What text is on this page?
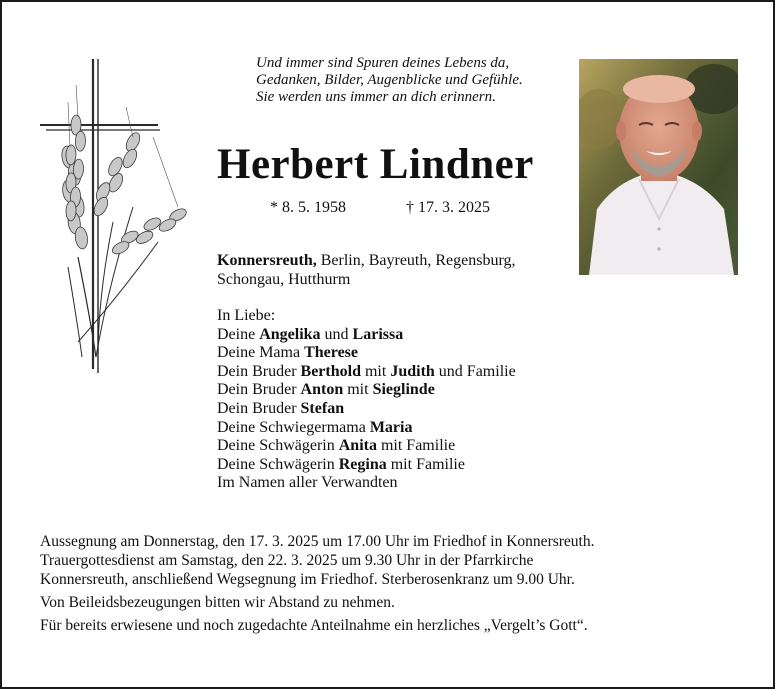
Und immer sind Spuren deines Lebens da,
Gedanken, Bilder, Augenblicke und Gefühle.
Sie werden uns immer an dich erinnern.
Herbert Lindner
* 8. 5. 1958	† 17. 3. 2025
Konnersreuth, Berlin, Bayreuth, Regensburg, Schongau, Hutthurm
In Liebe:
Deine Angelika und Larissa
Deine Mama Therese
Dein Bruder Berthold mit Judith und Familie
Dein Bruder Anton mit Sieglinde
Dein Bruder Stefan
Deine Schwiegermama Maria
Deine Schwägerin Anita mit Familie
Deine Schwägerin Regina mit Familie
Im Namen aller Verwandten

Aussegnung am Donnerstag, den 17. 3. 2025 um 17.00 Uhr im Friedhof in Konnersreuth.

Trauergottesdienst am Samstag, den 22. 3. 2025 um 9.30 Uhr in der Pfarrkirche

Konnersreuth, anschließend Wegsegnung im Friedhof. Sterberosenkranz um 9.00 Uhr.

Von Beileidsbezeugungen bitten wir Abstand zu nehmen.

Für bereits erwiesene und noch zugedachte Anteilnahme ein herzliches „Vergelt’s Gott“.
